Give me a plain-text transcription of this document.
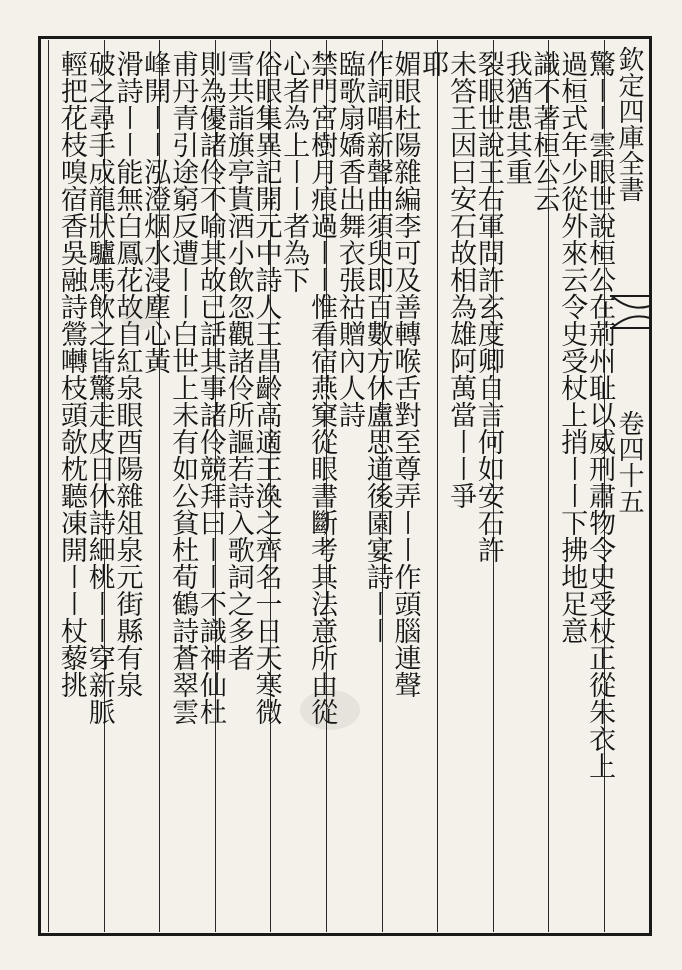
欽定四庫全書
卷四十五
驚〡〡雲眼世說桓公在荊州耻以威刑肅物令史受杖正從朱衣上
過桓式年少從外來云令史受杖上捎〡〡下拂地足意
識不著桓公云
我猶患其重
裂眼世說王右軍問許玄度卿自言何如安石許
未答王因曰安石故相為雄阿萬當〡〡爭
耶
媚眼杜陽雜編李可及善轉喉舌對至尊弄〡〡作頭腦連聲
作詞唱新聲曲須臾即百數方休盧思道後園宴詩〡〡
臨歌扇嬌香出舞衣張祜贈內人詩
禁門宮樹月痕過〡〡惟看宿燕窠從眼書斷考其法意所由從
心者為上〡〡者為下
俗眼集異記開元中詩人王昌齡高適王渙之齊名一日天寒微
雪共詣旗亭貰酒小飲忽觀諸伶所謳若詩入歌詞之多者
則為優諸伶不喻其故已話其事諸伶競拜曰〡〡不識神仙杜
甫丹青引途窮反遭〡〡白世上未有如公貧杜荀鶴詩蒼翠雲
峰開〡〡泓澄烟水浸塵心黃
滑詩〡〡能無白鳳花故自紅泉眼酉陽雜俎泉元街縣有泉
破之尋手成龍狀驢馬飲之皆驚走皮日休詩細桃〡〡穿新脈
輕把花枝嗅宿香吳融詩鶯囀枝頭欹枕聽凍開〡〡杖藜挑
